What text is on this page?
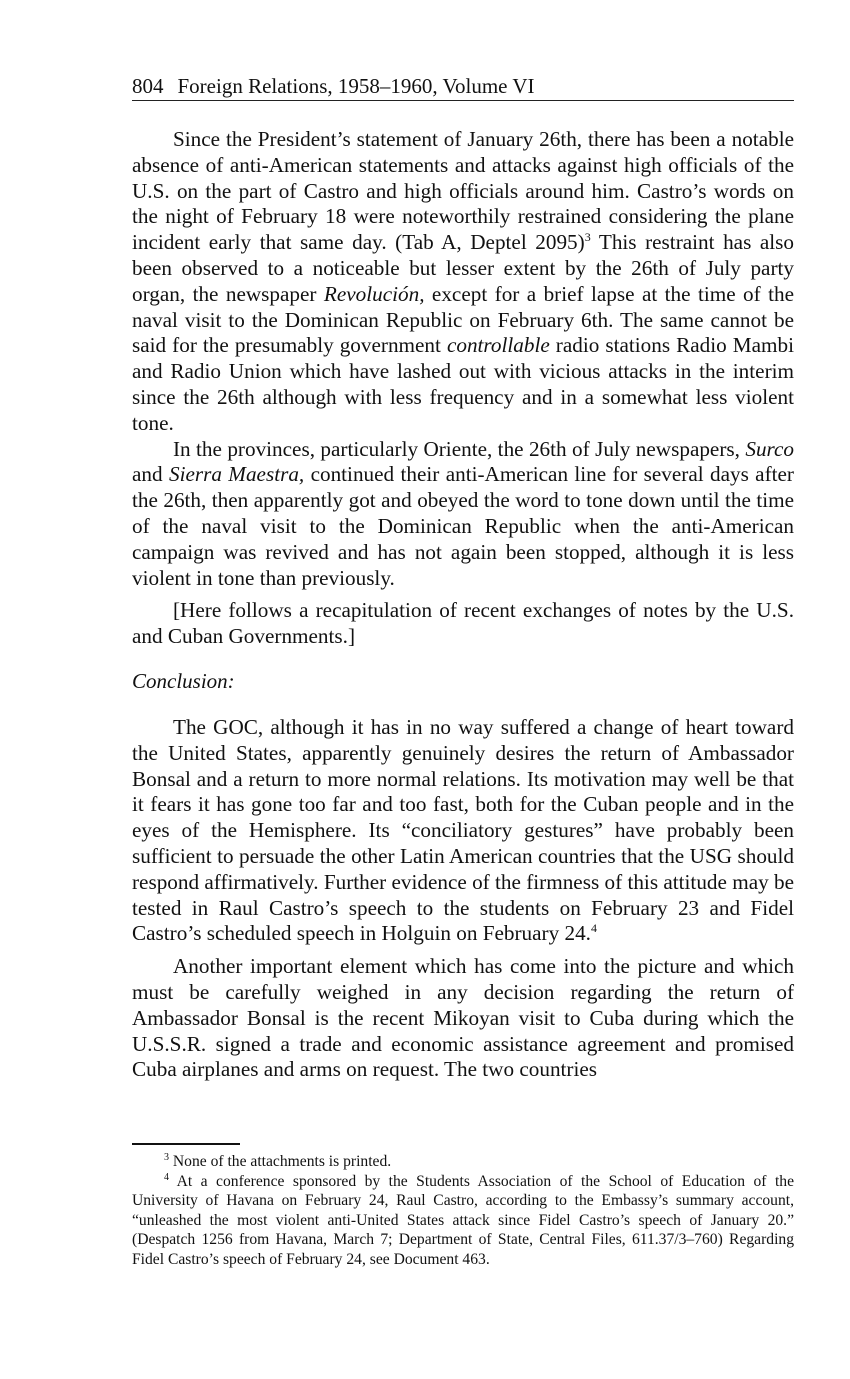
804 Foreign Relations, 1958–1960, Volume VI

Since the President’s statement of January 26th, there has been a notable absence of anti-American statements and attacks against high officials of the U.S. on the part of Castro and high officials around him. Castro’s words on the night of February 18 were noteworthily restrained considering the plane incident early that same day. (Tab A, Deptel 2095)$^3$ This restraint has also been observed to a noticeable but lesser extent by the 26th of July party organ, the newspaper Revolución, except for a brief lapse at the time of the naval visit to the Dominican Republic on February 6th. The same cannot be said for the presumably government controllable radio stations Radio Mambi and Radio Union which have lashed out with vicious attacks in the interim since the 26th although with less frequency and in a somewhat less violent tone.

In the provinces, particularly Oriente, the 26th of July newspapers, Surco and Sierra Maestra, continued their anti-American line for several days after the 26th, then apparently got and obeyed the word to tone down until the time of the naval visit to the Dominican Republic when the anti-American campaign was revived and has not again been stopped, although it is less violent in tone than previously.

[Here follows a recapitulation of recent exchanges of notes by the U.S. and Cuban Governments.]

Conclusion:

The GOC, although it has in no way suffered a change of heart toward the United States, apparently genuinely desires the return of Ambassador Bonsal and a return to more normal relations. Its motivation may well be that it fears it has gone too far and too fast, both for the Cuban people and in the eyes of the Hemisphere. Its “conciliatory gestures” have probably been sufficient to persuade the other Latin American countries that the USG should respond affirmatively. Further evidence of the firmness of this attitude may be tested in Raul Castro’s speech to the students on February 23 and Fidel Castro’s scheduled speech in Holguin on February 24.$^4$

Another important element which has come into the picture and which must be carefully weighed in any decision regarding the return of Ambassador Bonsal is the recent Mikoyan visit to Cuba during which the U.S.S.R. signed a trade and economic assistance agreement and promised Cuba airplanes and arms on request. The two countries

$^3$ None of the attachments is printed.

$^4$ At a conference sponsored by the Students Association of the School of Education of the University of Havana on February 24, Raul Castro, according to the Embassy’s summary account, “unleashed the most violent anti-United States attack since Fidel Castro’s speech of January 20.” (Despatch 1256 from Havana, March 7; Department of State, Central Files, 611.37/3–760) Regarding Fidel Castro’s speech of February 24, see Document 463.
